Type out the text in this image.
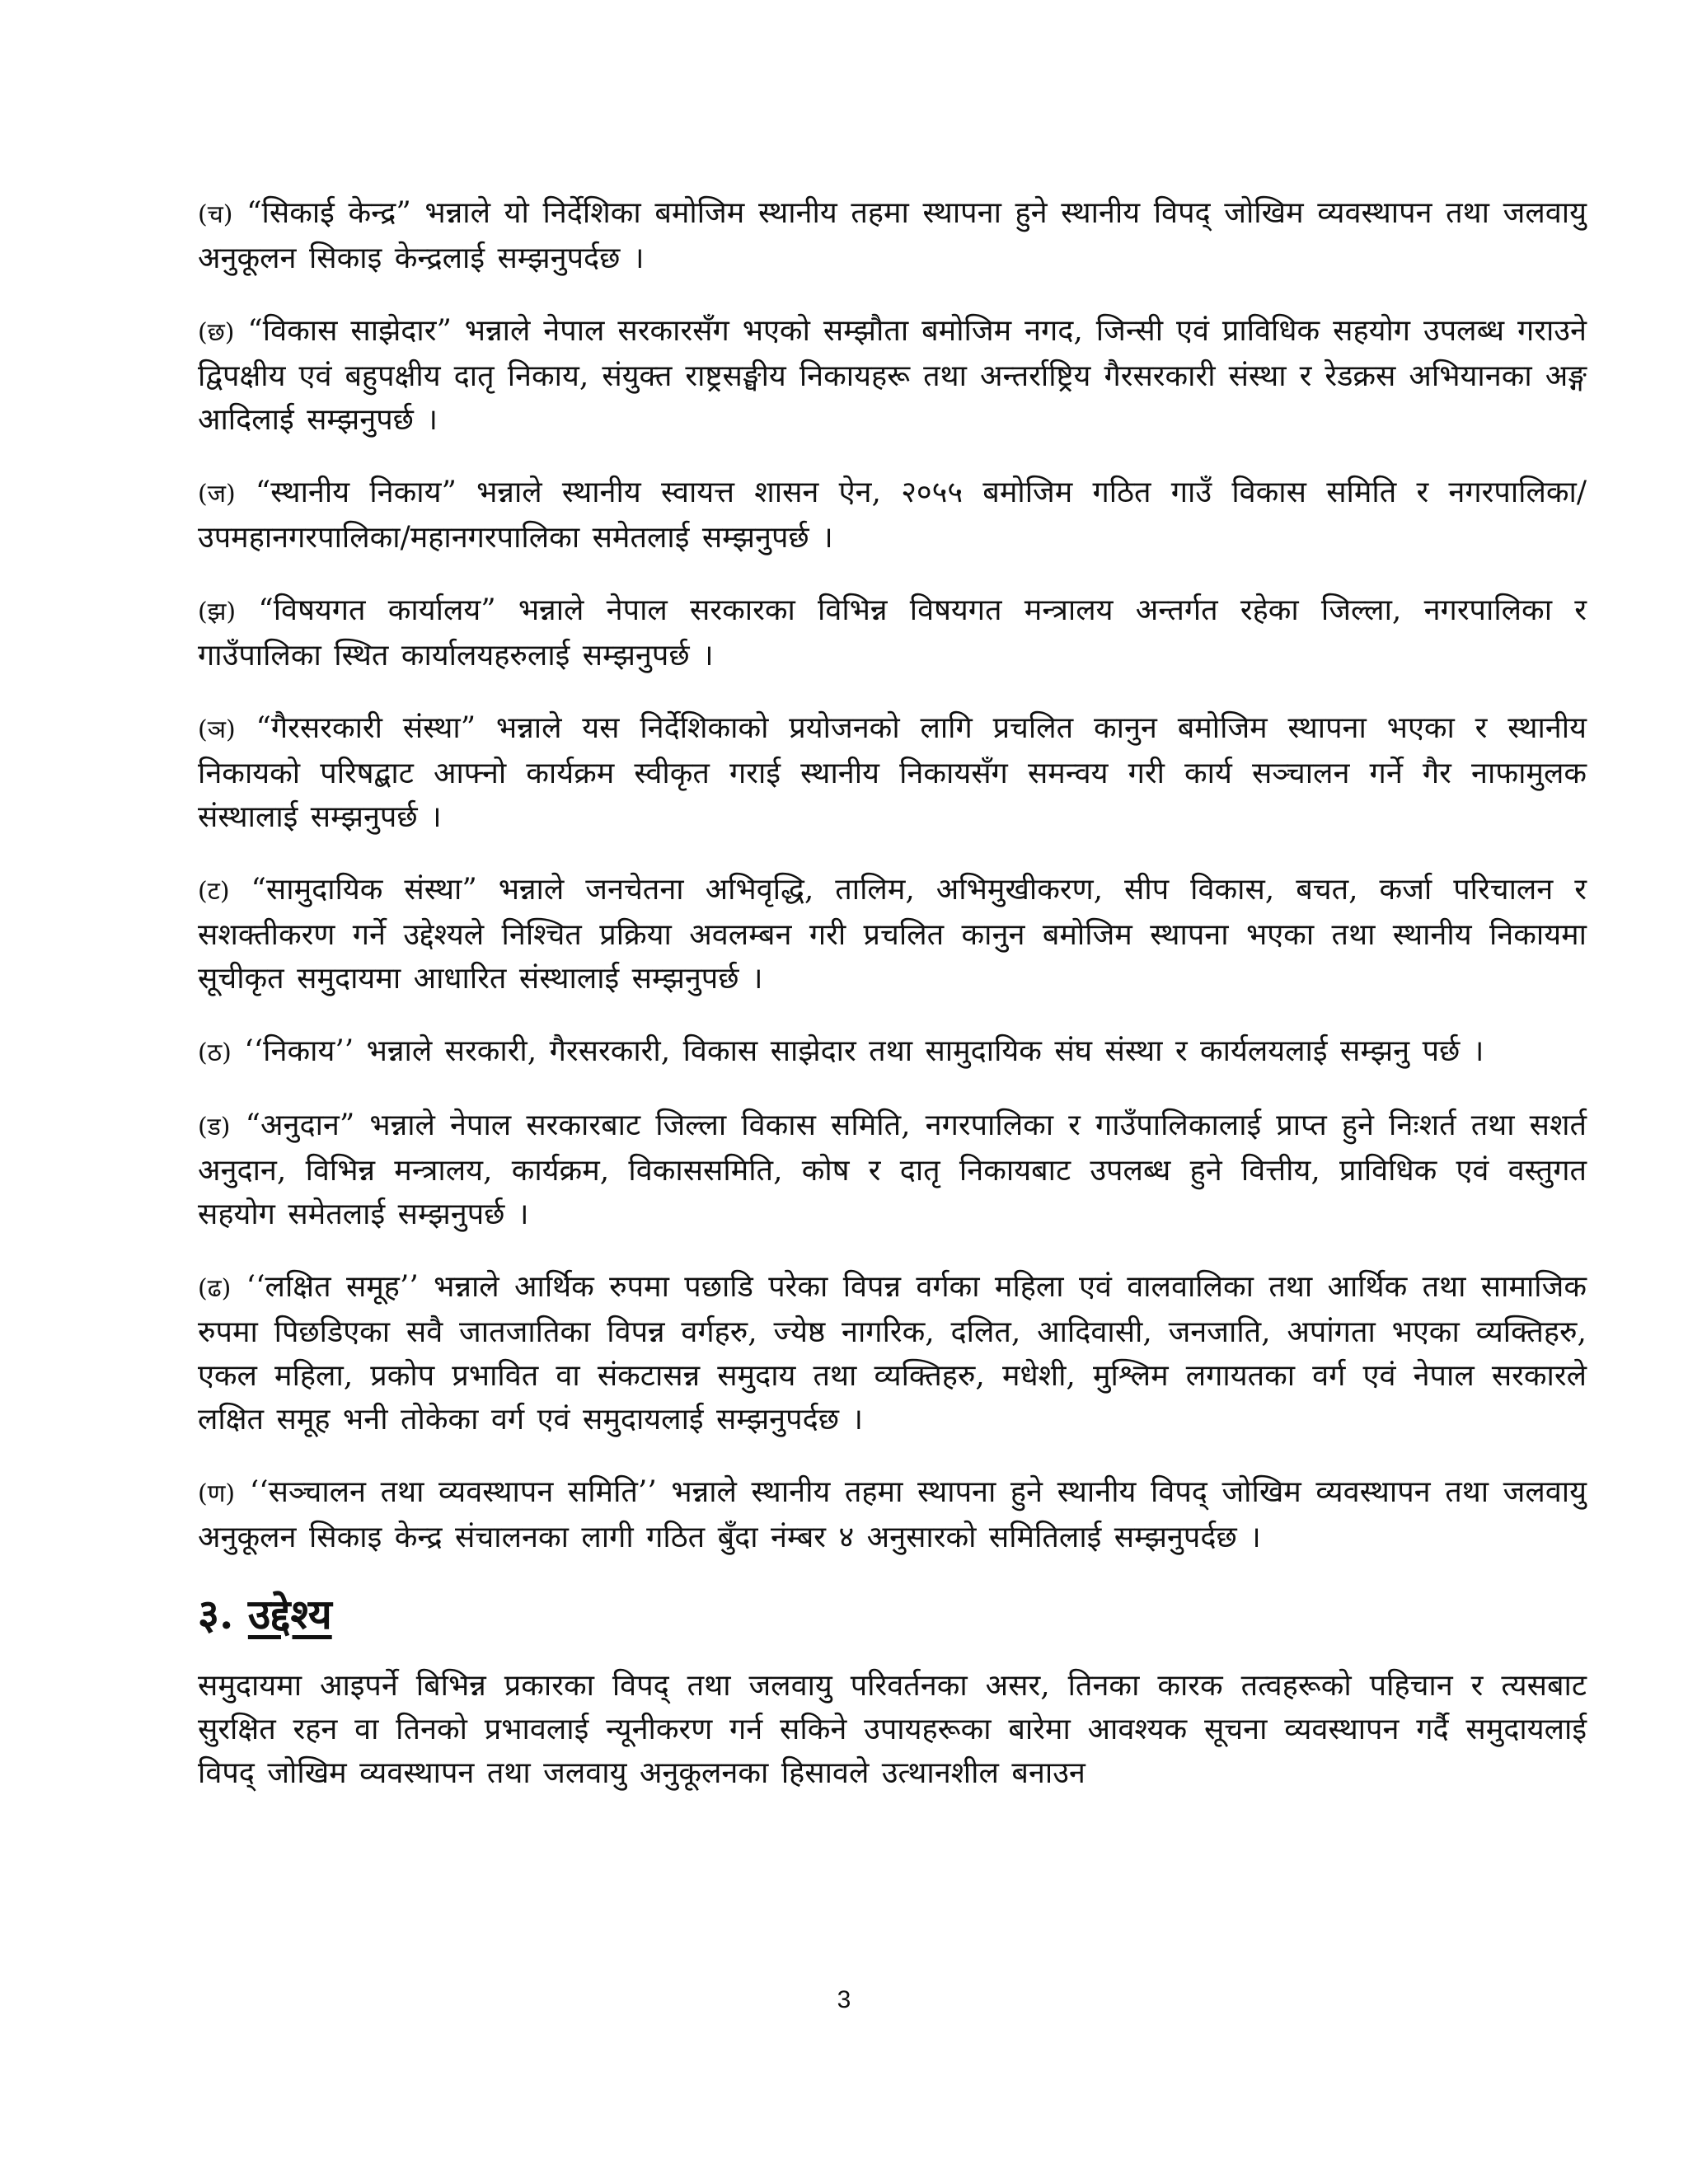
(च) “सिकाई केन्द्र” भन्नाले यो निर्देशिका बमोजिम स्थानीय तहमा स्थापना हुने स्थानीय विपद् जोखिम व्यवस्थापन तथा जलवायु अनुकूलन सिकाइ केन्द्रलाई सम्झनुपर्दछ ।

(छ) “विकास साझेदार” भन्नाले नेपाल सरकारसँग भएको सम्झौता बमोजिम नगद, जिन्सी एवं प्राविधिक सहयोग उपलब्ध गराउने द्विपक्षीय एवं बहुपक्षीय दातृ निकाय, संयुक्त राष्ट्रसङ्घीय निकायहरू तथा अन्तर्राष्ट्रिय गैरसरकारी संस्था र रेडक्रस अभियानका अङ्ग आदिलाई सम्झनुपर्छ ।

(ज) “स्थानीय निकाय” भन्नाले स्थानीय स्वायत्त शासन ऐन, २०५५ बमोजिम गठित गाउँ विकास समिति र नगरपालिका/उपमहानगरपालिका/महानगरपालिका समेतलाई सम्झनुपर्छ ।

(झ) “विषयगत कार्यालय” भन्नाले नेपाल सरकारका विभिन्न विषयगत मन्त्रालय अन्तर्गत रहेका जिल्ला, नगरपालिका र गाउँपालिका स्थित कार्यालयहरुलाई सम्झनुपर्छ ।

(ञ) “गैरसरकारी संस्था” भन्नाले यस निर्देशिकाको प्रयोजनको लागि प्रचलित कानुन बमोजिम स्थापना भएका र स्थानीय निकायको परिषद्बाट आफ्नो कार्यक्रम स्वीकृत गराई स्थानीय निकायसँग समन्वय गरी कार्य सञ्चालन गर्ने गैर नाफामुलक संस्थालाई सम्झनुपर्छ ।

(ट) “सामुदायिक संस्था” भन्नाले जनचेतना अभिवृद्धि, तालिम, अभिमुखीकरण, सीप विकास, बचत, कर्जा परिचालन र सशक्तीकरण गर्ने उद्देश्यले निश्चित प्रक्रिया अवलम्बन गरी प्रचलित कानुन बमोजिम स्थापना भएका तथा स्थानीय निकायमा सूचीकृत समुदायमा आधारित संस्थालाई सम्झनुपर्छ ।

(ठ) ‘‘निकाय’’ भन्नाले सरकारी, गैरसरकारी, विकास साझेदार तथा सामुदायिक संघ संस्था र कार्यलयलाई सम्झनु पर्छ ।

(ड) “अनुदान” भन्नाले नेपाल सरकारबाट जिल्ला विकास समिति, नगरपालिका र गाउँपालिकालाई प्राप्त हुने निःशर्त तथा सशर्त अनुदान, विभिन्न मन्त्रालय, कार्यक्रम, विकाससमिति, कोष र दातृ निकायबाट उपलब्ध हुने वित्तीय, प्राविधिक एवं वस्तुगत सहयोग समेतलाई सम्झनुपर्छ ।

(ढ) ‘‘लक्षित समूह’’ भन्नाले आर्थिक रुपमा पछाडि परेका विपन्न वर्गका महिला एवं वालवालिका तथा आर्थिक तथा सामाजिक रुपमा पिछडिएका सवै जातजातिका विपन्न वर्गहरु, ज्येष्ठ नागरिक, दलित, आदिवासी, जनजाति, अपांगता भएका व्यक्तिहरु, एकल महिला, प्रकोप प्रभावित वा संकटासन्न समुदाय तथा व्यक्तिहरु, मधेशी, मुश्लिम लगायतका वर्ग एवं नेपाल सरकारले लक्षित समूह भनी तोकेका वर्ग एवं समुदायलाई सम्झनुपर्दछ ।

(ण) ‘‘सञ्चालन तथा व्यवस्थापन समिति’’ भन्नाले स्थानीय तहमा स्थापना हुने स्थानीय विपद् जोखिम व्यवस्थापन तथा जलवायु अनुकूलन सिकाइ केन्द्र संचालनका लागी गठित बुँदा नंम्बर ४ अनुसारको समितिलाई सम्झनुपर्दछ ।

३. उद्देश्य

समुदायमा आइपर्ने बिभिन्न प्रकारका विपद् तथा जलवायु परिवर्तनका असर, तिनका कारक तत्वहरूको पहिचान र त्यसबाट सुरक्षित रहन वा तिनको प्रभावलाई न्यूनीकरण गर्न सकिने उपायहरूका बारेमा आवश्यक सूचना व्यवस्थापन गर्दै समुदायलाई विपद् जोखिम व्यवस्थापन तथा जलवायु अनुकूलनका हिसावले उत्थानशील बनाउन

3
